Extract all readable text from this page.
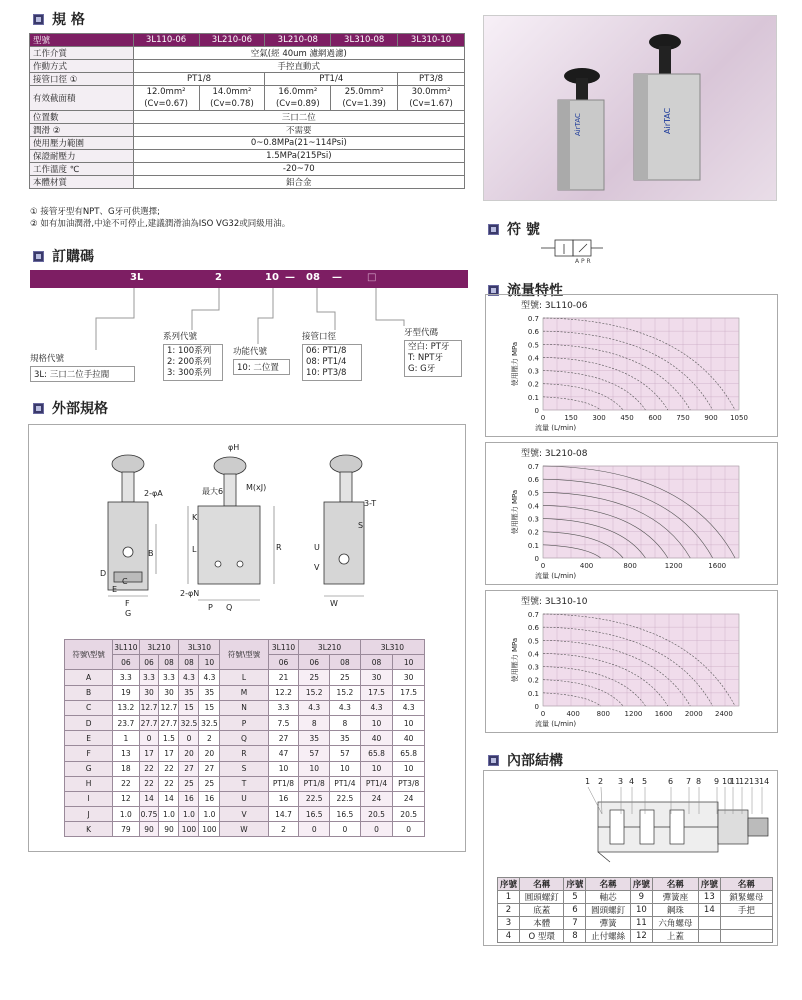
規 格
型號	3L110-06	3L210-06	3L210-08	3L310-08	3L310-10
工作介質	空氣(經 40um 濾網過濾)				
作動方式	手控直動式				
接管口徑 ①	PT1/8		PT1/4		PT3/8
有效截面積	12.0mm²	14.0mm²	16.0mm²	25.0mm²	30.0mm²
	(Cv=0.67)	(Cv=0.78)	(Cv=0.89)	(Cv=1.39)	(Cv=1.67)
位置數	三口二位				
潤滑 ②	不需要				
使用壓力範圍	0~0.8MPa(21~114Psi)				
保證耐壓力	1.5MPa(215Psi)				
工作溫度 ℃	-20~70				
本體材質	鋁合金				
① 接管牙型有NPT、G牙可供選擇;
② 如有加油潤滑,中途不可停止,建議潤滑油為ISO VG32或同級用油。
訂購碼
3L	2	10 — 08 —	□
規格代號
3L: 三口二位手拉閥
系列代號
1: 100系列
2: 200系列
3: 300系列
功能代號
10: 二位置
接管口徑
06: PT1/8
08: PT1/4
10: PT3/8
牙型代碼
空白: PT牙
T: NPT牙
G: G牙
外部規格
2-φA
B
C
D
E
F
G
φH
最大6
K
L
M(xJ)
R
2-φN
P Q
3-T
S
U
V
W
符號\型號	3L110	3L210		3L310		符號\型號	3L110	3L210		3L310	
	06	06	08	08	10		06	06	08	08	10
A	3.3	3.3	3.3	4.3	4.3	L	21	25	25	30	30
B	19	30	30	35	35	M	12.2	15.2	15.2	17.5	17.5
C	13.2	12.7	12.7	15	15	N	3.3	4.3	4.3	4.3	4.3
D	23.7	27.7	27.7	32.5	32.5	P	7.5	8	8	10	10
E	1	0	1.5	0	2	Q	27	35	35	40	40
F	13	17	17	20	20	R	47	57	57	65.8	65.8
G	18	22	22	27	27	S	10	10	10	10	10
H	22	22	22	25	25	T	PT1/8	PT1/8	PT1/4	PT1/4	PT3/8
I	12	14	14	16	16	U	16	22.5	22.5	24	24
J	1.0	0.75	1.0	1.0	1.0	V	14.7	16.5	16.5	20.5	20.5
K	79	90	90	100	100	W	2	0	0	0	0
AirTAC	AirTAC
符 號
A P R
流量特性
型號: 3L110-06
0
0.1
0.2
0.3
0.4
0.5
0.6
0.7
0	150 300 450 600 750 900 1050
流量 (L/min)
使用壓力 MPa
型號: 3L210-08
0
0.1
0.2
0.3
0.4
0.5
0.6
0.7
0	400	800	1200	1600
流量 (L/min)
使用壓力 MPa
型號: 3L310-10
0
0.1
0.2
0.3
0.4
0.5
0.6
0.7
0	400 800 1200 1600 2000 2400
流量 (L/min)
使用壓力 MPa
內部結構
1 2 3 4 5	6 7 8 9 10
11
12 13 14
序號	名稱	序號	名稱	序號	名稱	序號	名稱
1	圓頭螺釘	5	軸芯	9	彈簧座	13	鎖緊螺母
2	底蓋	6	圓頭螺釘	10	鋼珠	14	手把
3	本體	7	彈簧	11	六角螺母		
4	O 型環	8	止付螺絲	12	上蓋		
